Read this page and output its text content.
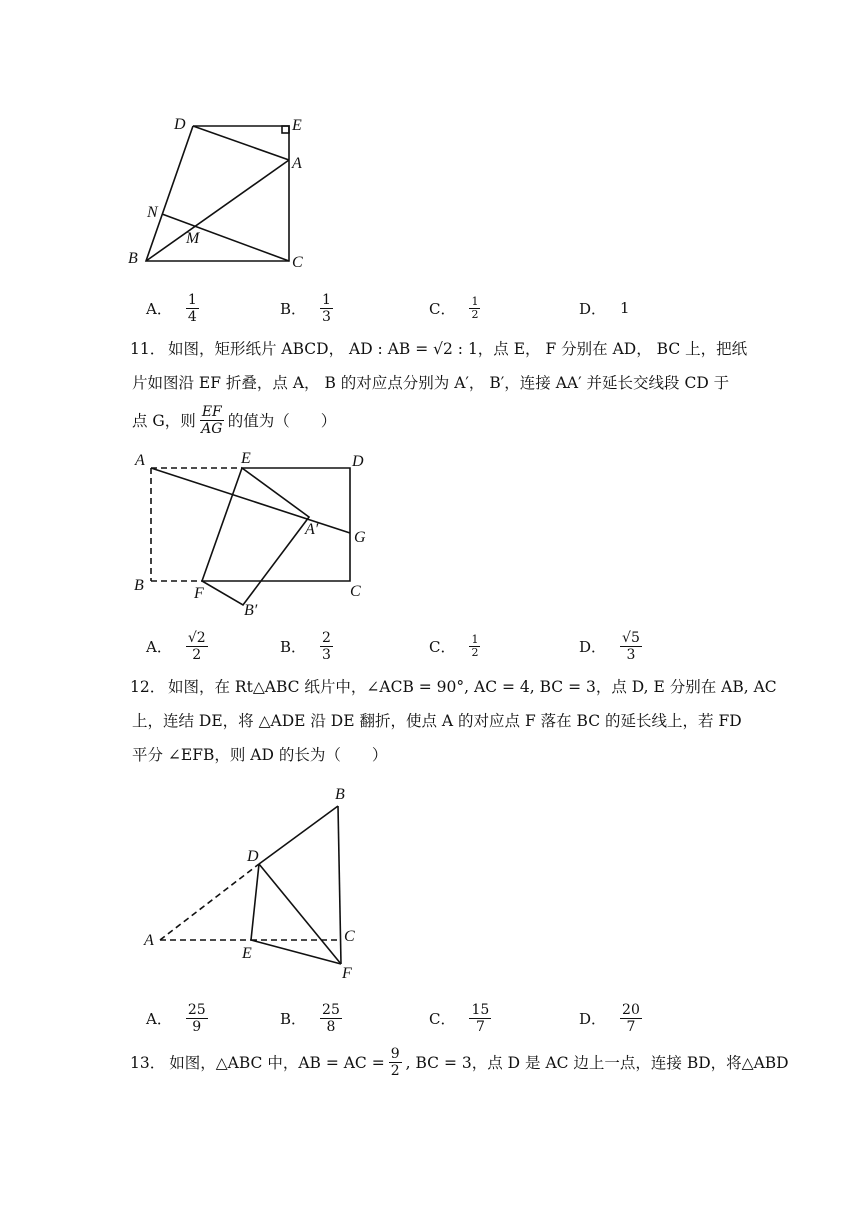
D	E
A
N
M
B	C
A． $\frac{1}{4}$	B． $\frac{1}{3}$	C． $\frac{1}{2}$	D． 1
11． 如图，矩形纸片 ABCD， AD : AB = √2 : 1，点 E， F 分别在 AD， BC 上，把纸
片如图沿 EF 折叠，点 A， B 的对应点分别为 A′， B′，连接 AA′ 并延长交线段 CD 于
点 G，则 $\frac{EF}{AG}$ 的值为（　　）
A	E	D
A′ G
B	F
B′
C
A． $\frac{√2}{2}$	B． $\frac{2}{3}$	C． $\frac{1}{2}$	D． $\frac{√5}{3}$
12． 如图，在 Rt△ABC 纸片中，∠ACB = 90°, AC = 4, BC = 3，点 D, E 分别在 AB, AC
上，连结 DE，将 △ADE 沿 DE 翻折，使点 A 的对应点 F 落在 BC 的延长线上，若 FD
平分 ∠EFB，则 AD 的长为（　　）
B
D
A	C
E
F
A． $\frac{25}{9}$	B． $\frac{25}{8}$	C． $\frac{15}{7}$	D． $\frac{20}{7}$
13． 如图，△ABC 中，AB = AC = $\frac{9}{2}$ , BC = 3，点 D 是 AC 边上一点，连接 BD，将△ABD
